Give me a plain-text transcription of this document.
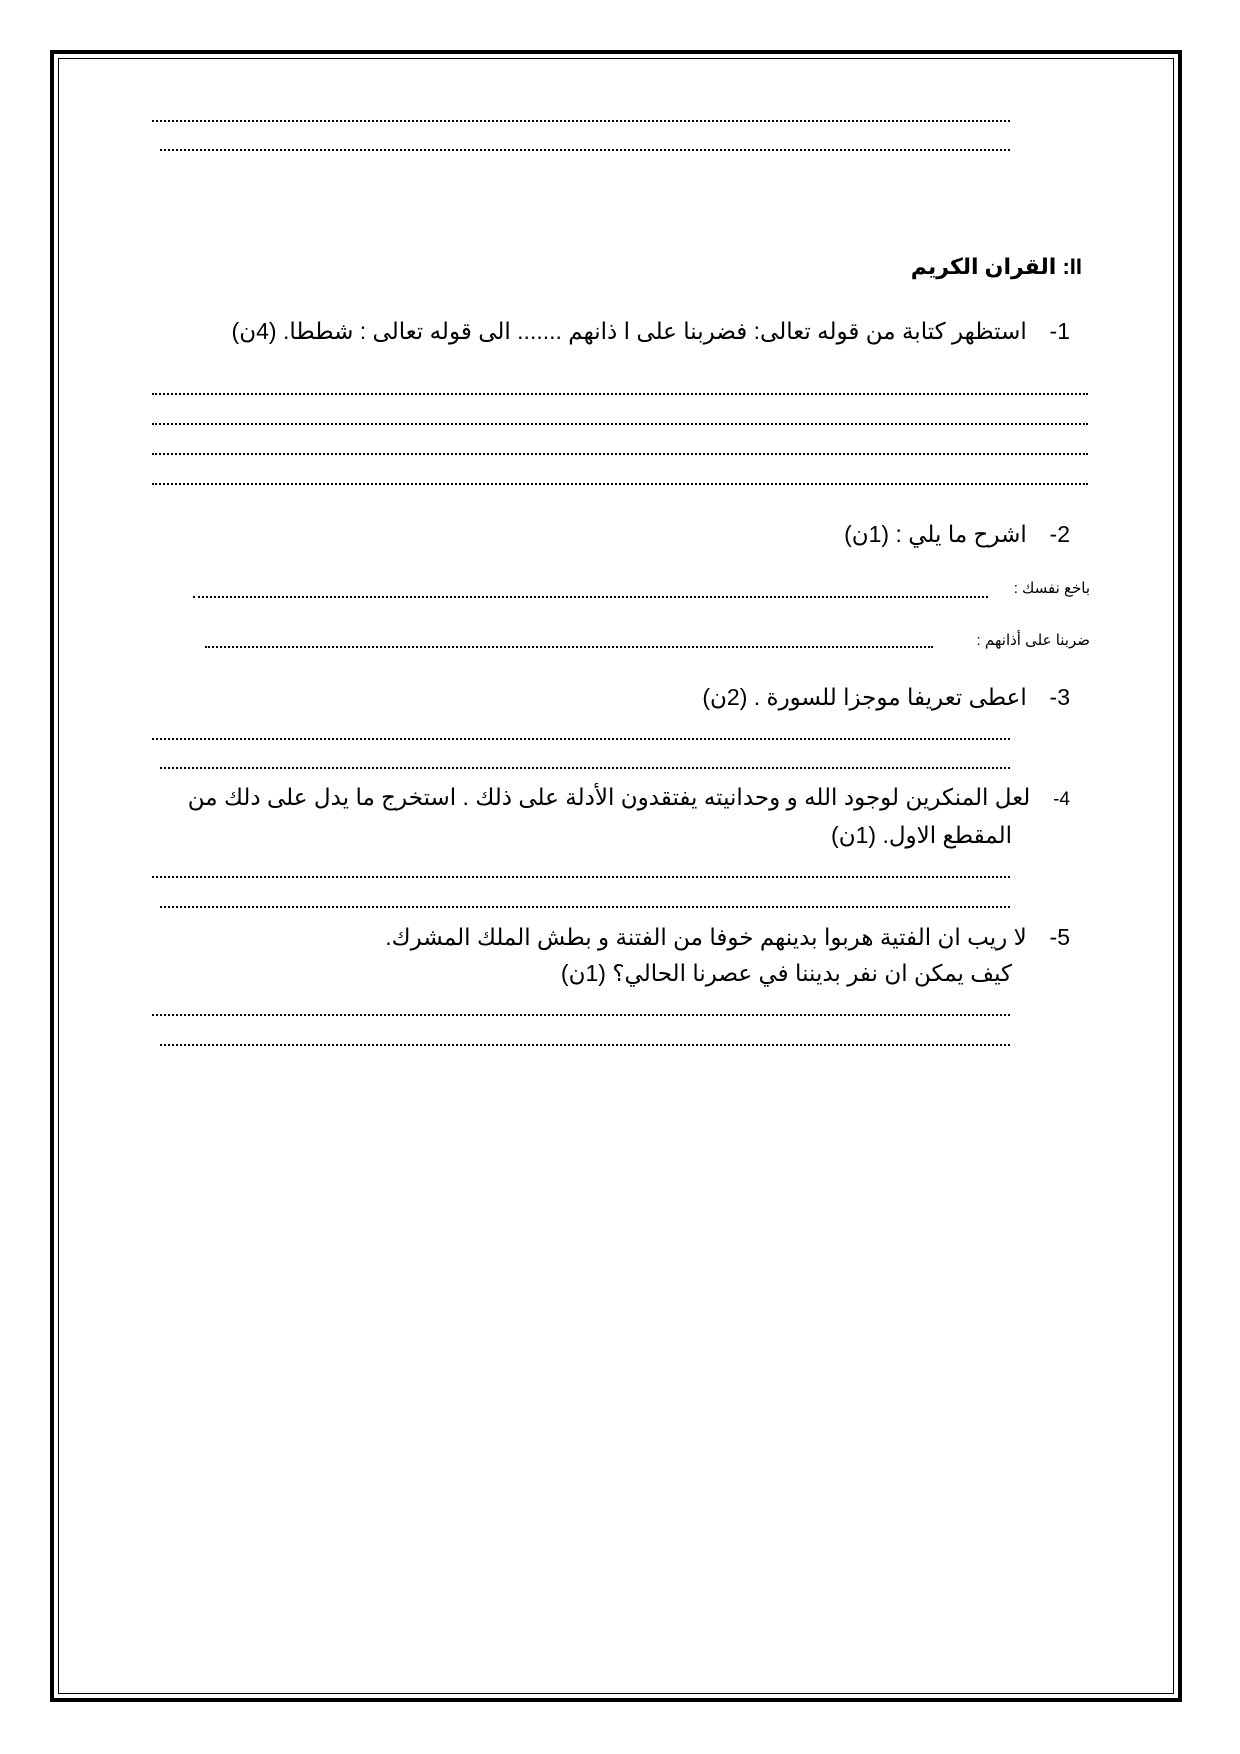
II: القران الكريم
1-  استظهر كتابة من قوله تعالى: فضربنا على ا ذانهم ....... الى قوله تعالى : شططا. (4ن)
2-  اشرح ما يلي : (1ن)
باخع نفسك :
ضربنا على أذانهم :
3-  اعطى تعريفا موجزا للسورة . (2ن)
4-  لعل المنكرين لوجود الله و وحدانيته يفتقدون الأدلة على ذلك . استخرج ما يدل على دلك من
المقطع الاول. (1ن)
5-  لا ريب ان الفتية هربوا بدينهم خوفا من الفتنة و بطش الملك المشرك.
كيف يمكن ان نفر بديننا في عصرنا الحالي؟ (1ن)
